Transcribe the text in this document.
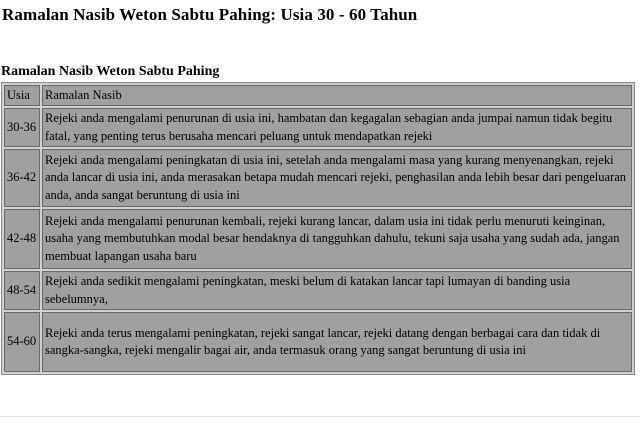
Ramalan Nasib Weton Sabtu Pahing: Usia 30 - 60 Tahun
Ramalan Nasib Weton Sabtu Pahing
Usia	Ramalan Nasib
30-36	Rejeki anda mengalami penurunan di usia ini, hambatan dan kegagalan sebagian anda jumpai namun tidak begitu fatal, yang penting terus berusaha mencari peluang untuk mendapatkan rejeki
36-42	Rejeki anda mengalami peningkatan di usia ini, setelah anda mengalami masa yang kurang menyenangkan, rejeki anda lancar di usia ini, anda merasakan betapa mudah mencari rejeki, penghasilan anda lebih besar dari pengeluaran anda, anda sangat beruntung di usia ini
42-48	Rejeki anda mengalami penurunan kembali, rejeki kurang lancar, dalam usia ini tidak perlu menuruti keinginan, usaha yang membutuhkan modal besar hendaknya di tangguhkan dahulu, tekuni saja usaha yang sudah ada, jangan membuat lapangan usaha baru
48-54	Rejeki anda sedikit mengalami peningkatan, meski belum di katakan lancar tapi lumayan di banding usia sebelumnya,
54-60	Rejeki anda terus mengalami peningkatan, rejeki sangat lancar, rejeki datang dengan berbagai cara dan tidak di sangka-sangka, rejeki mengalir bagai air, anda termasuk orang yang sangat beruntung di usia ini
